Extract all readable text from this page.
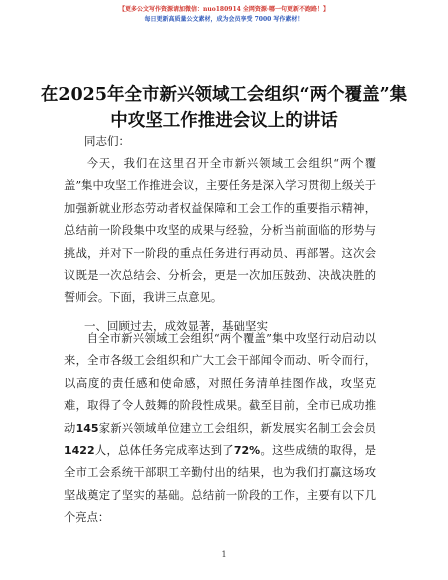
【更多公文写作资源请加微信：nuo180914 全网资源·哪一句更新不跑路！】
每日更新高质量公文素材，成为会员享受 7000 写作素材！
在2025年全市新兴领域工会组织“两个覆盖”集中攻坚工作推进会议上的讲话
同志们：

今天，我们在这里召开全市新兴领域工会组织“两个覆盖”集中攻坚工作推进会议，主要任务是深入学习贯彻上级关于加强新就业形态劳动者权益保障和工会工作的重要指示精神，总结前一阶段集中攻坚的成果与经验，分析当前面临的形势与挑战，并对下一阶段的重点任务进行再动员、再部署。这次会议既是一次总结会、分析会，更是一次加压鼓劲、决战决胜的誓师会。下面，我讲三点意见。

一、回顾过去，成效显著，基础坚实

自全市新兴领域工会组织“两个覆盖”集中攻坚行动启动以来，全市各级工会组织和广大工会干部闻令而动、听令而行，以高度的责任感和使命感，对照任务清单挂图作战，攻坚克难，取得了令人鼓舞的阶段性成果。截至目前，全市已成功推动145家新兴领域单位建立工会组织，新发展实名制工会会员1422人，总体任务完成率达到了72%。这些成绩的取得，是全市工会系统干部职工辛勤付出的结果，也为我们打赢这场攻坚战奠定了坚实的基础。总结前一阶段的工作，主要有以下几个亮点：

1
